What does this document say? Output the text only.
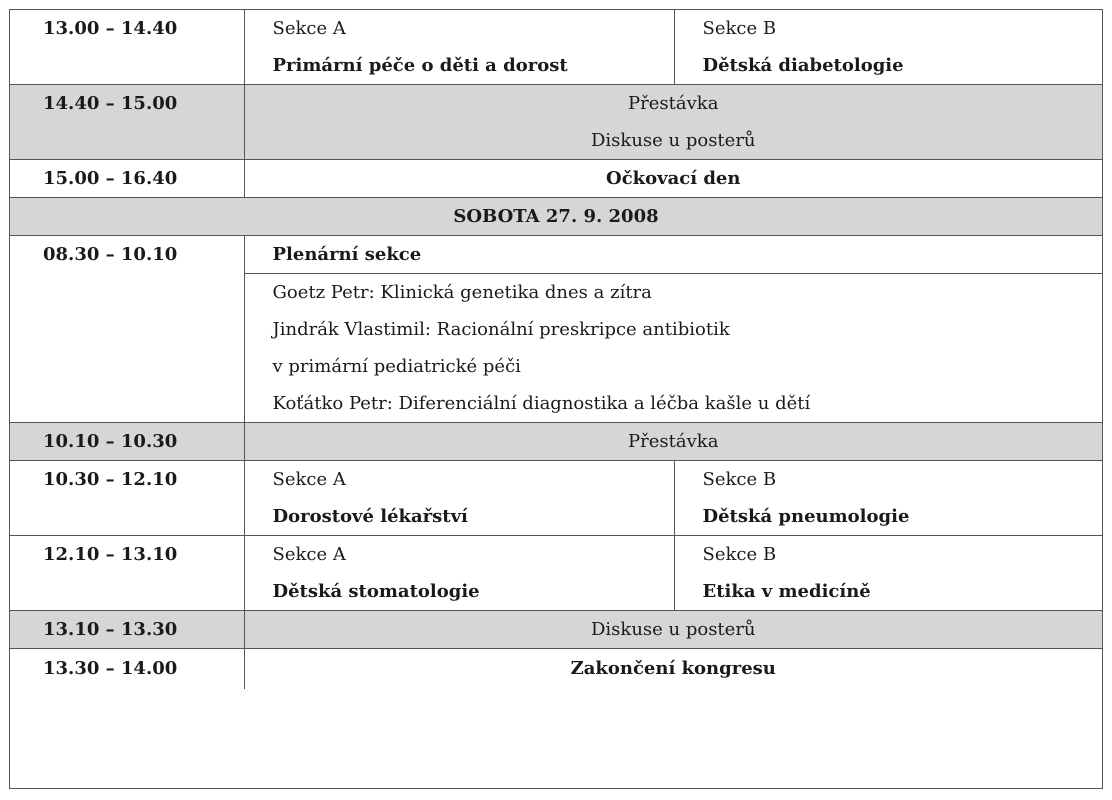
13.00 – 14.40	Sekce A	Sekce B
	Primární péče o děti a dorost	Dětská diabetologie
14.40 – 15.00	Přestávka	
	Diskuse u posterů	
15.00 – 16.40	Očkovací den	
SOBOTA 27. 9. 2008		
08.30 – 10.10	Plenární sekce	
	Goetz Petr: Klinická genetika dnes a zítra	
	Jindrák Vlastimil: Racionální preskripce antibiotik	
	v primární pediatrické péči	
	Koťátko Petr: Diferenciální diagnostika a léčba kašle u dětí	
10.10 – 10.30	Přestávka	
10.30 – 12.10	Sekce A	Sekce B
	Dorostové lékařství	Dětská pneumologie
12.10 – 13.10	Sekce A	Sekce B
	Dětská stomatologie	Etika v medicíně
13.10 – 13.30	Diskuse u posterů	
13.30 – 14.00	Zakončení kongresu	
